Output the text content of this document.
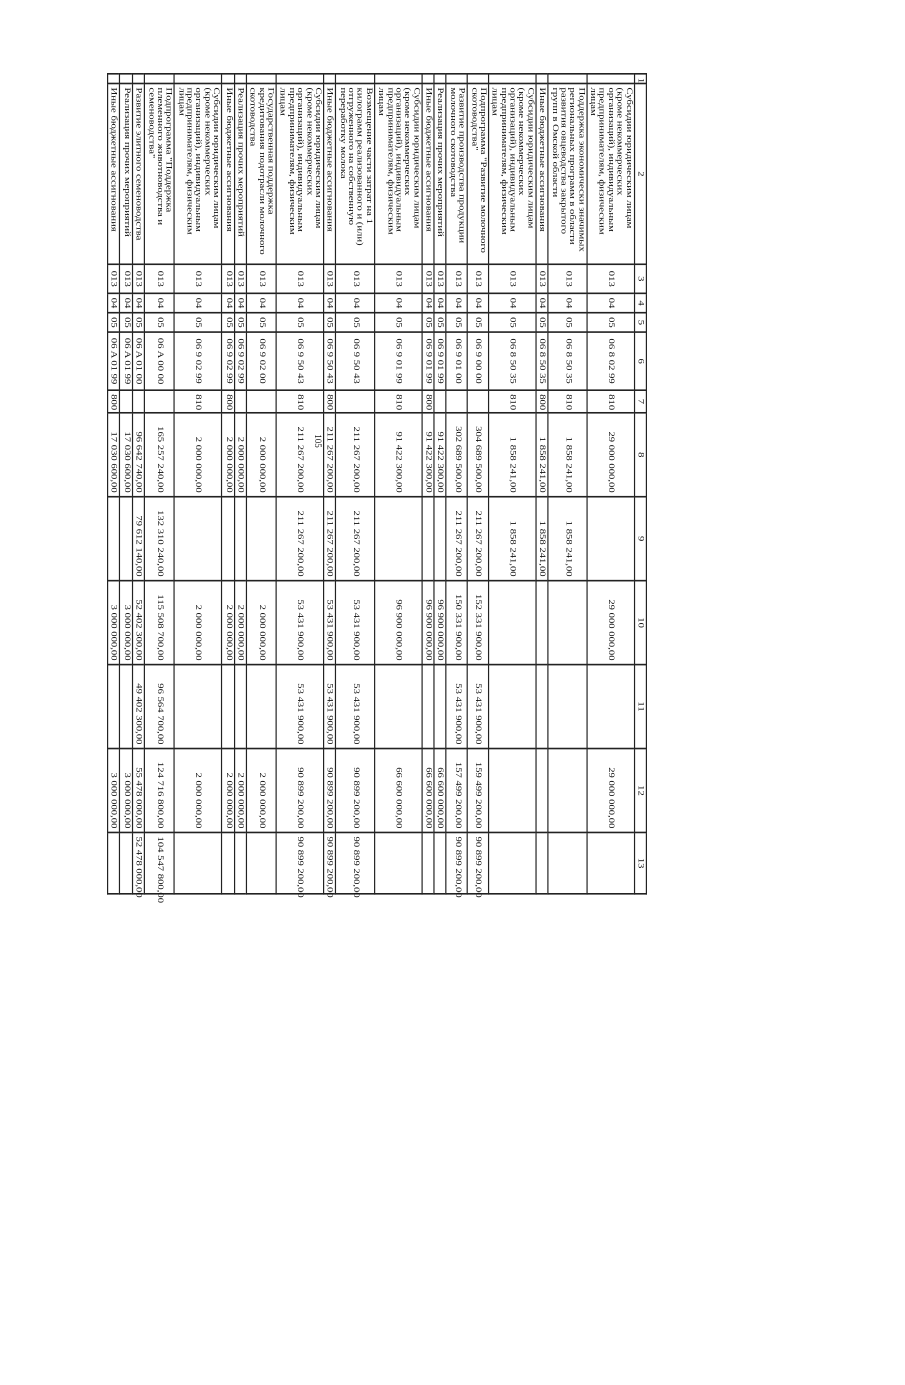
105
1	2	3	4	5	6	7	8	9	10	11	12	13
	Субсидии юридическим лицам (кроме некоммерческих организаций), индивидуальным предпринимателям, физическим лицам	013	04	05	06 8 02 99	810	29 000 000,00		29 000 000,00		29 000 000,00	
	Поддержка экономически значимых региональных программ в области развития овцеводства закрытого групп в Омской области	013	04	05	06 8 50 35	810	1 858 241,00	1 858 241,00				
	Иные бюджетные ассигнования	013	04	05	06 8 50 35	800	1 858 241,00	1 858 241,00				
	Субсидии юридическим лицам (кроме некоммерческих организаций), индивидуальным предпринимателям, физическим лицам	013	04	05	06 8 50 35	810	1 858 241,00	1 858 241,00				
	Подпрограмма "Развитие молочного скотоводства"	013	04	05	06 9 00 00		304 689 500,00	211 267 200,00	152 331 900,00	53 431 900,00	159 499 200,00	90 899 200,00
	Развитие производства продукции молочного скотоводства	013	04	05	06 9 01 00		302 689 500,00	211 267 200,00	150 331 900,00	53 431 900,00	157 499 200,00	90 899 200,00
	Реализация прочих мероприятий	013	04	05	06 9 01 99		91 422 300,00		96 900 000,00		66 600 000,00	
	Иные бюджетные ассигнования	013	04	05	06 9 01 99	800	91 422 300,00		96 900 000,00		66 600 000,00	
	Субсидии юридическим лицам (кроме некоммерческих организаций), индивидуальным предпринимателям, физическим лицам	013	04	05	06 9 01 99	810	91 422 300,00		96 900 000,00		66 600 000,00	
	Возмещение части затрат на 1 килограмм реализованного и (или) отгруженного на собственную переработку молока	013	04	05	06 9 50 43		211 267 200,00	211 267 200,00	53 431 900,00	53 431 900,00	90 899 200,00	90 899 200,00
	Иные бюджетные ассигнования	013	04	05	06 9 50 43	800	211 267 200,00	211 267 200,00	53 431 900,00	53 431 900,00	90 899 200,00	90 899 200,00
	Субсидии юридическим лицам (кроме некоммерческих организаций), индивидуальным предпринимателям, физическим лицам	013	04	05	06 9 50 43	810	211 267 200,00	211 267 200,00	53 431 900,00	53 431 900,00	90 899 200,00	90 899 200,00
	Государственная поддержка кредитования подотрасли молочного скотоводства	013	04	05	06 9 02 00		2 000 000,00		2 000 000,00		2 000 000,00	
	Реализация прочих мероприятий	013	04	05	06 9 02 99		2 000 000,00		2 000 000,00		2 000 000,00	
	Иные бюджетные ассигнования	013	04	05	06 9 02 99	800	2 000 000,00		2 000 000,00		2 000 000,00	
	Субсидии юридическим лицам (кроме некоммерческих организаций), индивидуальным предпринимателям, физическим лицам	013	04	05	06 9 02 99	810	2 000 000,00		2 000 000,00		2 000 000,00	
	Подпрограмма "Поддержка племенного животноводства и семеноводства"	013	04	05	06 A 00 00		165 257 240,00	132 310 240,00	115 508 700,00	96 564 700,00	124 716 800,00	104 547 800,00
	Развитие элитного семеноводства	013	04	05	06 A 01 00		96 642 740,00	79 612 140,00	52 402 300,00	49 402 300,00	55 478 000,00	52 478 000,00
	Реализация прочих мероприятий	013	04	05	06 A 01 99		17 030 600,00		3 000 000,00		3 000 000,00	
	Иные бюджетные ассигнования	013	04	05	06 A 01 99	800	17 030 600,00		3 000 000,00		3 000 000,00	
